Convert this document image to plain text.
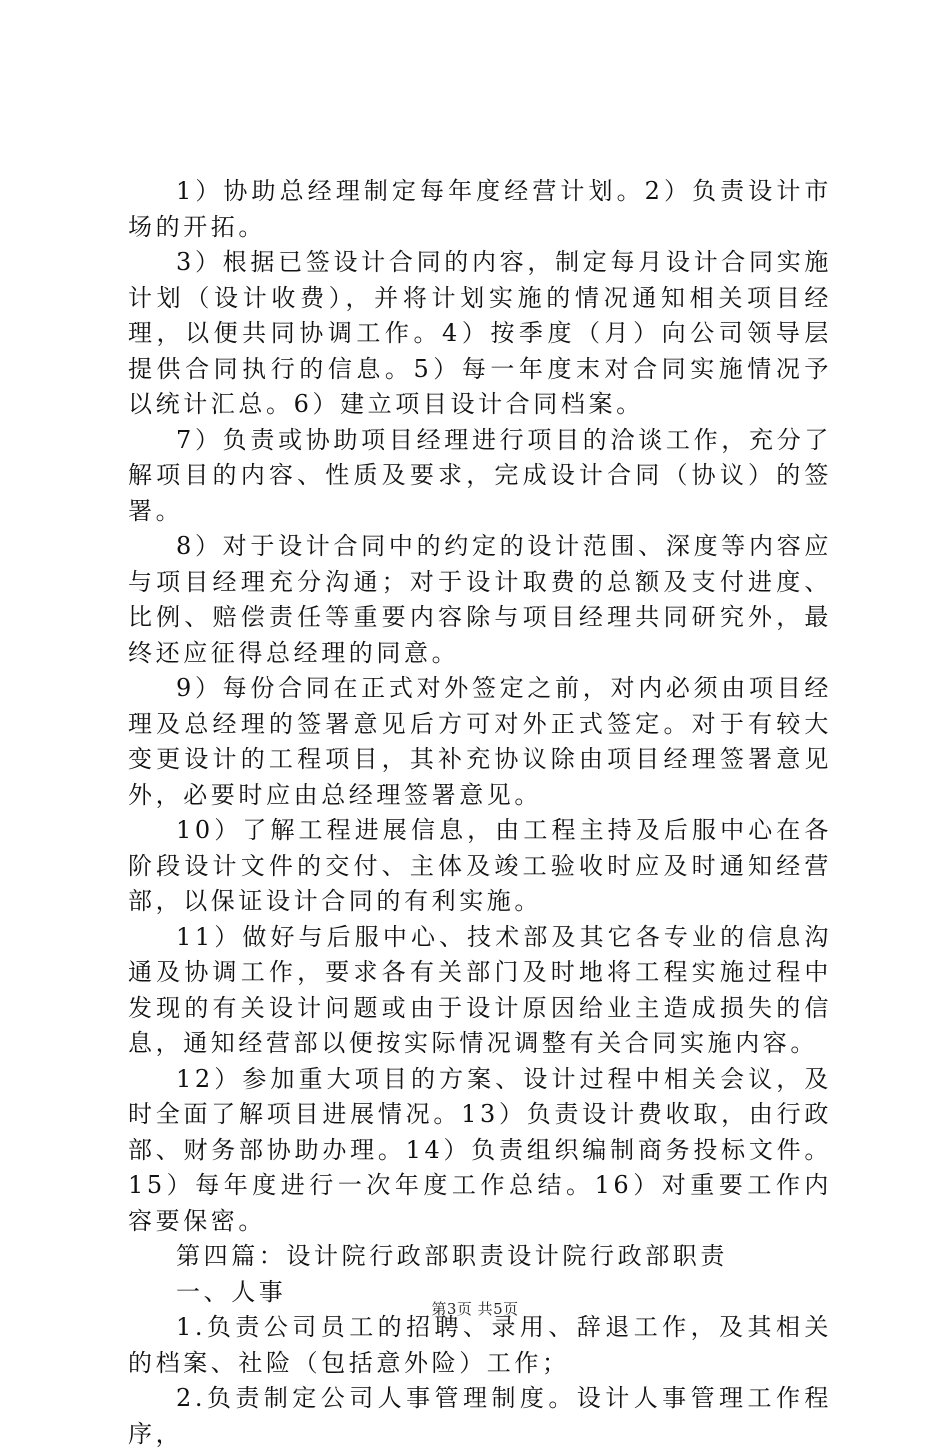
1）协助总经理制定每年度经营计划。2）负责设计市场的开拓。

3）根据已签设计合同的内容，制定每月设计合同实施计划（设计收费），并将计划实施的情况通知相关项目经理，以便共同协调工作。4）按季度（月）向公司领导层提供合同执行的信息。5）每一年度末对合同实施情况予以统计汇总。6）建立项目设计合同档案。

7）负责或协助项目经理进行项目的洽谈工作，充分了解项目的内容、性质及要求，完成设计合同（协议）的签署。

8）对于设计合同中的约定的设计范围、深度等内容应与项目经理充分沟通；对于设计取费的总额及支付进度、比例、赔偿责任等重要内容除与项目经理共同研究外，最终还应征得总经理的同意。

9）每份合同在正式对外签定之前，对内必须由项目经理及总经理的签署意见后方可对外正式签定。对于有较大变更设计的工程项目，其补充协议除由项目经理签署意见外，必要时应由总经理签署意见。

10）了解工程进展信息，由工程主持及后服中心在各阶段设计文件的交付、主体及竣工验收时应及时通知经营部，以保证设计合同的有利实施。

11）做好与后服中心、技术部及其它各专业的信息沟通及协调工作，要求各有关部门及时地将工程实施过程中发现的有关设计问题或由于设计原因给业主造成损失的信息，通知经营部以便按实际情况调整有关合同实施内容。

12）参加重大项目的方案、设计过程中相关会议，及时全面了解项目进展情况。13）负责设计费收取，由行政部、财务部协助办理。14）负责组织编制商务投标文件。15）每年度进行一次年度工作总结。16）对重要工作内容要保密。

第四篇：设计院行政部职责设计院行政部职责

一、人事

1.负责公司员工的招聘、录用、辞退工作，及其相关的档案、社险（包括意外险）工作；

2.负责制定公司人事管理制度。设计人事管理工作程序，

第3页 共5页
